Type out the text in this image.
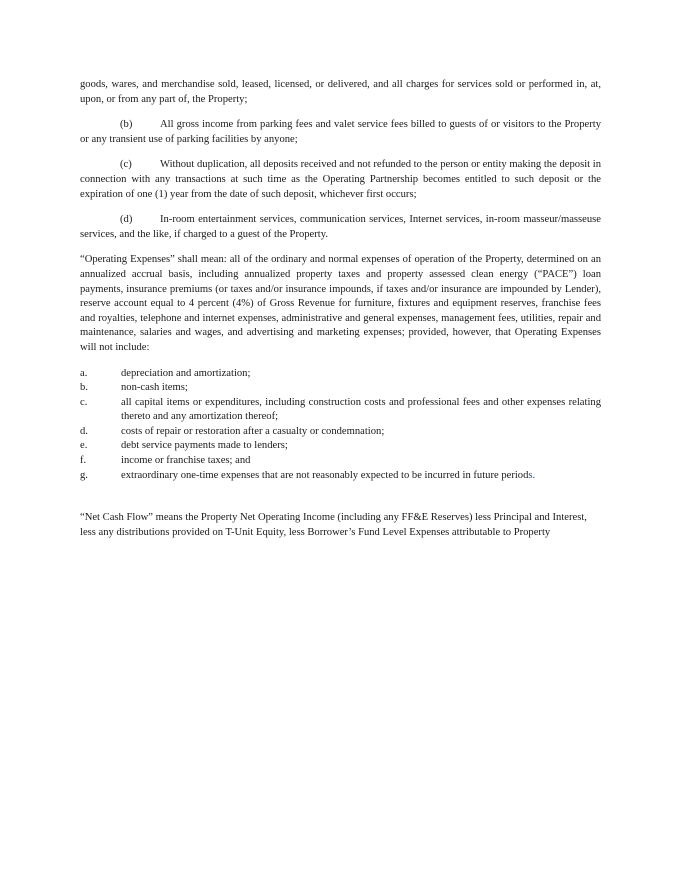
goods, wares, and merchandise sold, leased, licensed, or delivered, and all charges for services sold or performed in, at, upon, or from any part of, the Property;

(b)	All gross income from parking fees and valet service fees billed to guests of or visitors to the Property or any transient use of parking facilities by anyone;

(c)	Without duplication, all deposits received and not refunded to the person or entity making the deposit in connection with any transactions at such time as the Operating Partnership becomes entitled to such deposit or the expiration of one (1) year from the date of such deposit, whichever first occurs;

(d)	In-room entertainment services, communication services, Internet services, in-room masseur/masseuse services, and the like, if charged to a guest of the Property.

“Operating Expenses” shall mean: all of the ordinary and normal expenses of operation of the Property, determined on an annualized accrual basis, including annualized property taxes and property assessed clean energy (“PACE”) loan payments, insurance premiums (or taxes and/or insurance impounds, if taxes and/or insurance are impounded by Lender), reserve account equal to 4 percent (4%) of Gross Revenue for furniture, fixtures and equipment reserves, franchise fees and royalties, telephone and internet expenses, administrative and general expenses, management fees, utilities, repair and maintenance, salaries and wages, and advertising and marketing expenses; provided, however, that Operating Expenses will not include:

a.	depreciation and amortization;
b.	non-cash items;
c.	all capital items or expenditures, including construction costs and professional fees and other expenses relating thereto and any amortization thereof;
d.	costs of repair or restoration after a casualty or condemnation;
e.	debt service payments made to lenders;
f.	income or franchise taxes; and
g.	extraordinary one-time expenses that are not reasonably expected to be incurred in future periods.

“Net Cash Flow” means the Property Net Operating Income (including any FF&E Reserves) less Principal and Interest, less any distributions provided on T-Unit Equity, less Borrower’s Fund Level Expenses attributable to Property
